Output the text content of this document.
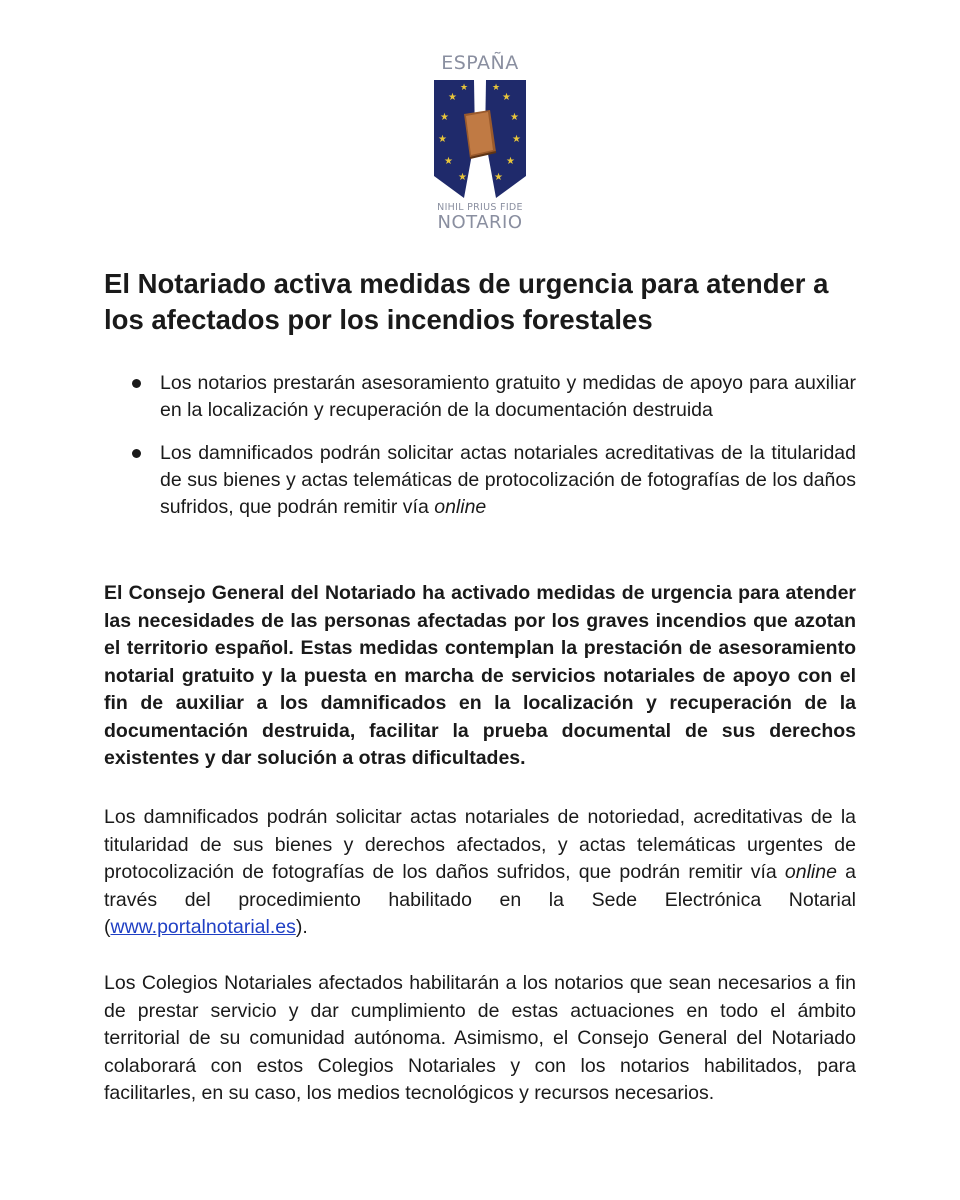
ESPAÑA
★	★
★	★
★	★
★	★
★	★
★	★
NIHIL PRIUS FIDE
NOTARIO
El Notariado activa medidas de urgencia para atender a los afectados por los incendios forestales
Los notarios prestarán asesoramiento gratuito y medidas de apoyo para auxiliar en la localización y recuperación de la documentación destruida
Los damnificados podrán solicitar actas notariales acreditativas de la titularidad de sus bienes y actas telemáticas de protocolización de fotografías de los daños sufridos, que podrán remitir vía online

El Consejo General del Notariado ha activado medidas de urgencia para atender las necesidades de las personas afectadas por los graves incendios que azotan el territorio español. Estas medidas contemplan la prestación de asesoramiento notarial gratuito y la puesta en marcha de servicios notariales de apoyo con el fin de auxiliar a los damnificados en la localización y recuperación de la documentación destruida, facilitar la prueba documental de sus derechos existentes y dar solución a otras dificultades.

Los damnificados podrán solicitar actas notariales de notoriedad, acreditativas de la titularidad de sus bienes y derechos afectados, y actas telemáticas urgentes de protocolización de fotografías de los daños sufridos, que podrán remitir vía online a través del procedimiento habilitado en la Sede Electrónica Notarial (www.portalnotarial.es).

Los Colegios Notariales afectados habilitarán a los notarios que sean necesarios a fin de prestar servicio y dar cumplimiento de estas actuaciones en todo el ámbito territorial de su comunidad autónoma. Asimismo, el Consejo General del Notariado colaborará con estos Colegios Notariales y con los notarios habilitados, para facilitarles, en su caso, los medios tecnológicos y recursos necesarios.
